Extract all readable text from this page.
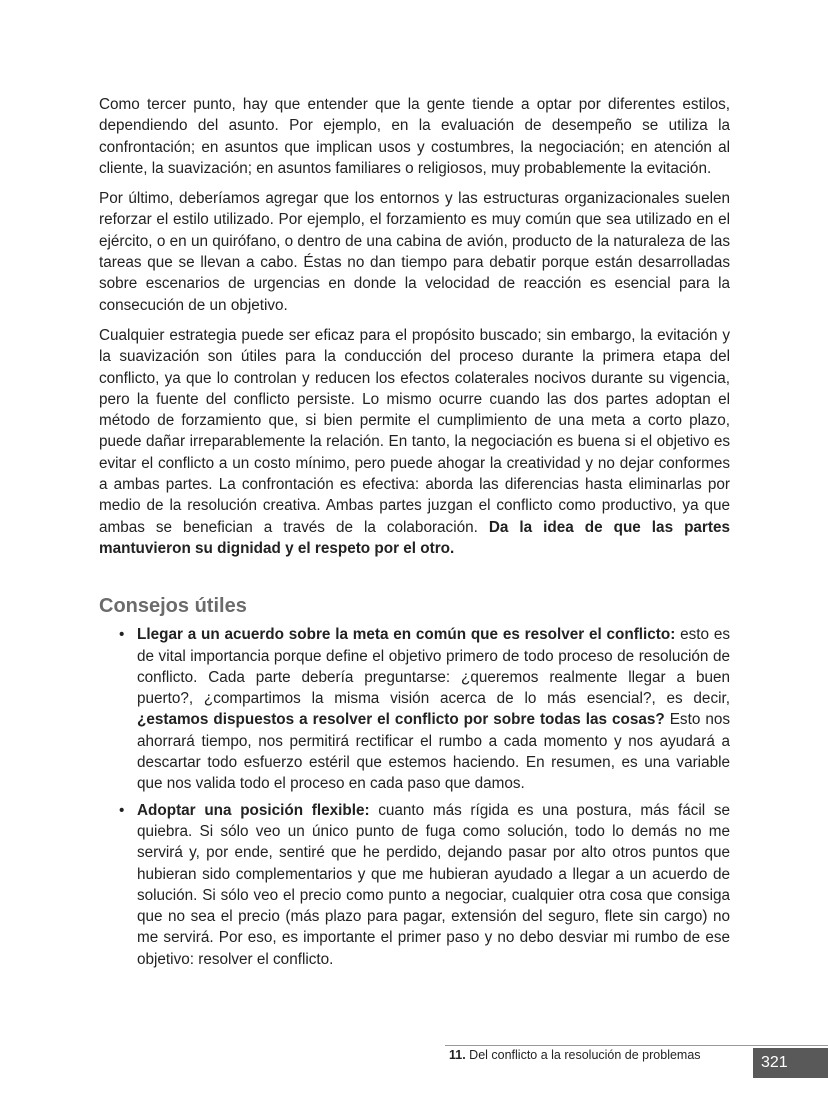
Como tercer punto, hay que entender que la gente tiende a optar por diferentes estilos, dependiendo del asunto. Por ejemplo, en la evaluación de desempeño se utiliza la confrontación; en asuntos que implican usos y costumbres, la negociación; en atención al cliente, la suavización; en asuntos familiares o religiosos, muy probablemente la evitación.

Por último, deberíamos agregar que los entornos y las estructuras organizacionales suelen reforzar el estilo utilizado. Por ejemplo, el forzamiento es muy común que sea utilizado en el ejército, o en un quirófano, o dentro de una cabina de avión, producto de la naturaleza de las tareas que se llevan a cabo. Éstas no dan tiempo para debatir porque están desarrolladas sobre escenarios de urgencias en donde la velocidad de reacción es esencial para la consecución de un objetivo.

Cualquier estrategia puede ser eficaz para el propósito buscado; sin embargo, la evitación y la suavización son útiles para la conducción del proceso durante la primera etapa del conflicto, ya que lo controlan y reducen los efectos colaterales nocivos durante su vigencia, pero la fuente del conflicto persiste. Lo mismo ocurre cuando las dos partes adoptan el método de forzamiento que, si bien permite el cumplimiento de una meta a corto plazo, puede dañar irreparablemente la relación. En tanto, la negociación es buena si el objetivo es evitar el conflicto a un costo mínimo, pero puede ahogar la creatividad y no dejar conformes a ambas partes. La confrontación es efectiva: aborda las diferencias hasta eliminarlas por medio de la resolución creativa. Ambas partes juzgan el conflicto como productivo, ya que ambas se benefician a través de la colaboración. Da la idea de que las partes mantuvieron su dignidad y el respeto por el otro.

Consejos útiles
• Llegar a un acuerdo sobre la meta en común que es resolver el conflicto: esto es de vital importancia porque define el objetivo primero de todo proceso de resolución de conflicto. Cada parte debería preguntarse: ¿queremos realmente llegar a buen puerto?, ¿compartimos la misma visión acerca de lo más esencial?, es decir, ¿estamos dispuestos a resolver el conflicto por sobre todas las cosas? Esto nos ahorrará tiempo, nos permitirá rectificar el rumbo a cada momento y nos ayudará a descartar todo esfuerzo estéril que estemos haciendo. En resumen, es una variable que nos valida todo el proceso en cada paso que damos.
• Adoptar una posición flexible: cuanto más rígida es una postura, más fácil se quiebra. Si sólo veo un único punto de fuga como solución, todo lo demás no me servirá y, por ende, sentiré que he perdido, dejando pasar por alto otros puntos que hubieran sido complementarios y que me hubieran ayudado a llegar a un acuerdo de solución. Si sólo veo el precio como punto a negociar, cualquier otra cosa que consiga que no sea el precio (más plazo para pagar, extensión del seguro, flete sin cargo) no me servirá. Por eso, es importante el primer paso y no debo desviar mi rumbo de ese objetivo: resolver el conflicto.
11. Del conflicto a la resolución de problemas	321
